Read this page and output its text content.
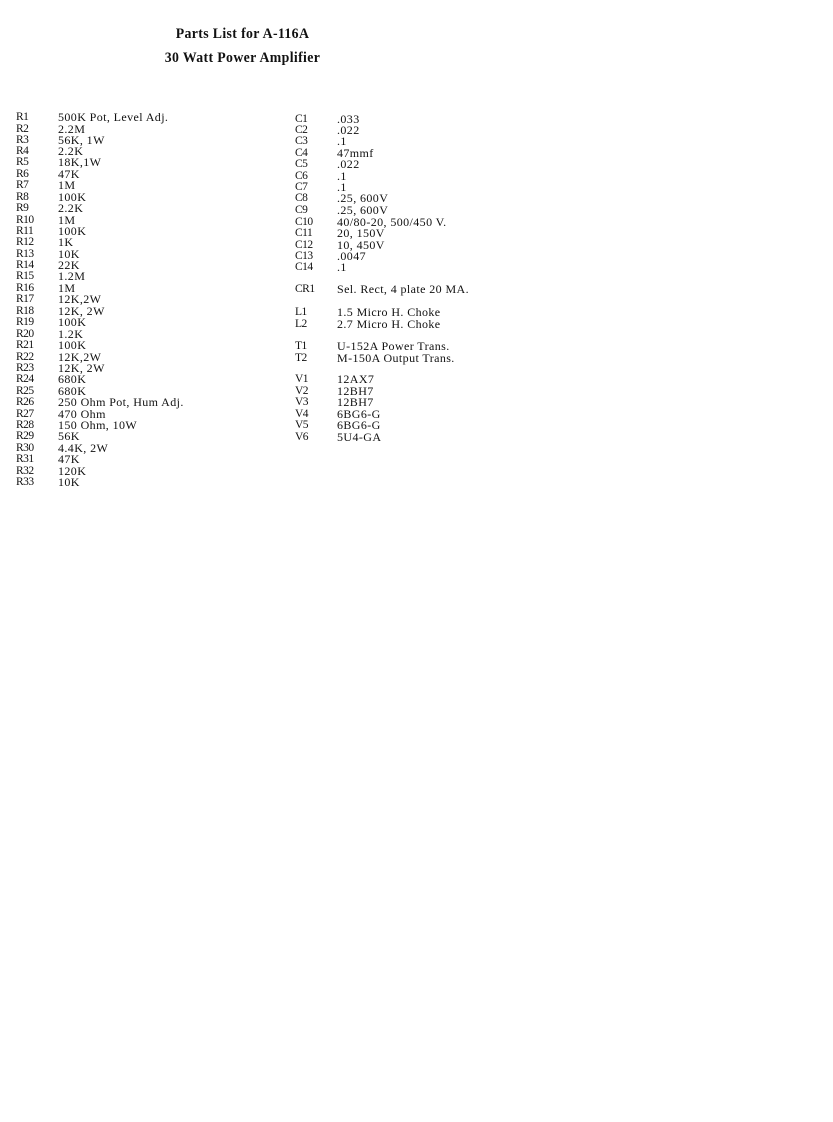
Parts List for A-116A
30 Watt Power Amplifier
R1 500K Pot, Level Adj.
R2 2.2M
R3 56K, 1W
R4 2.2K
R5 18K,1W
R6 47K
R7 1M
R8 100K
R9 2.2K
R10 1M
R11 100K
R12 1K
R13 10K
R14 22K
R15 1.2M
R16 1M
R17 12K,2W
R18 12K, 2W
R19 100K
R20 1.2K
R21 100K
R22 12K,2W
R23 12K, 2W
R24 680K
R25 680K
R26 250 Ohm Pot, Hum Adj.
R27 470 Ohm
R28 150 Ohm, 10W
R29 56K
R30 4.4K, 2W
R31 47K
R32 120K
R33 10K
C1 .033
C2 .022
C3 .1
C4 47mmf
C5 .022
C6 .1
C7 .1
C8 .25, 600V
C9 .25, 600V
C10 40/80-20, 500/450 V.
C11 20, 150V
C12 10, 450V
C13 .0047
C14 .1
CR1 Sel. Rect, 4 plate 20 MA.
L1	1.5 Micro H. Choke
L2	2.7 Micro H. Choke
T1	U-152A Power Trans.
T2	M-150A Output Trans.
V1 12AX7
V2 12BH7
V3 12BH7
V4 6BG6-G
V5 6BG6-G
V6 5U4-GA
